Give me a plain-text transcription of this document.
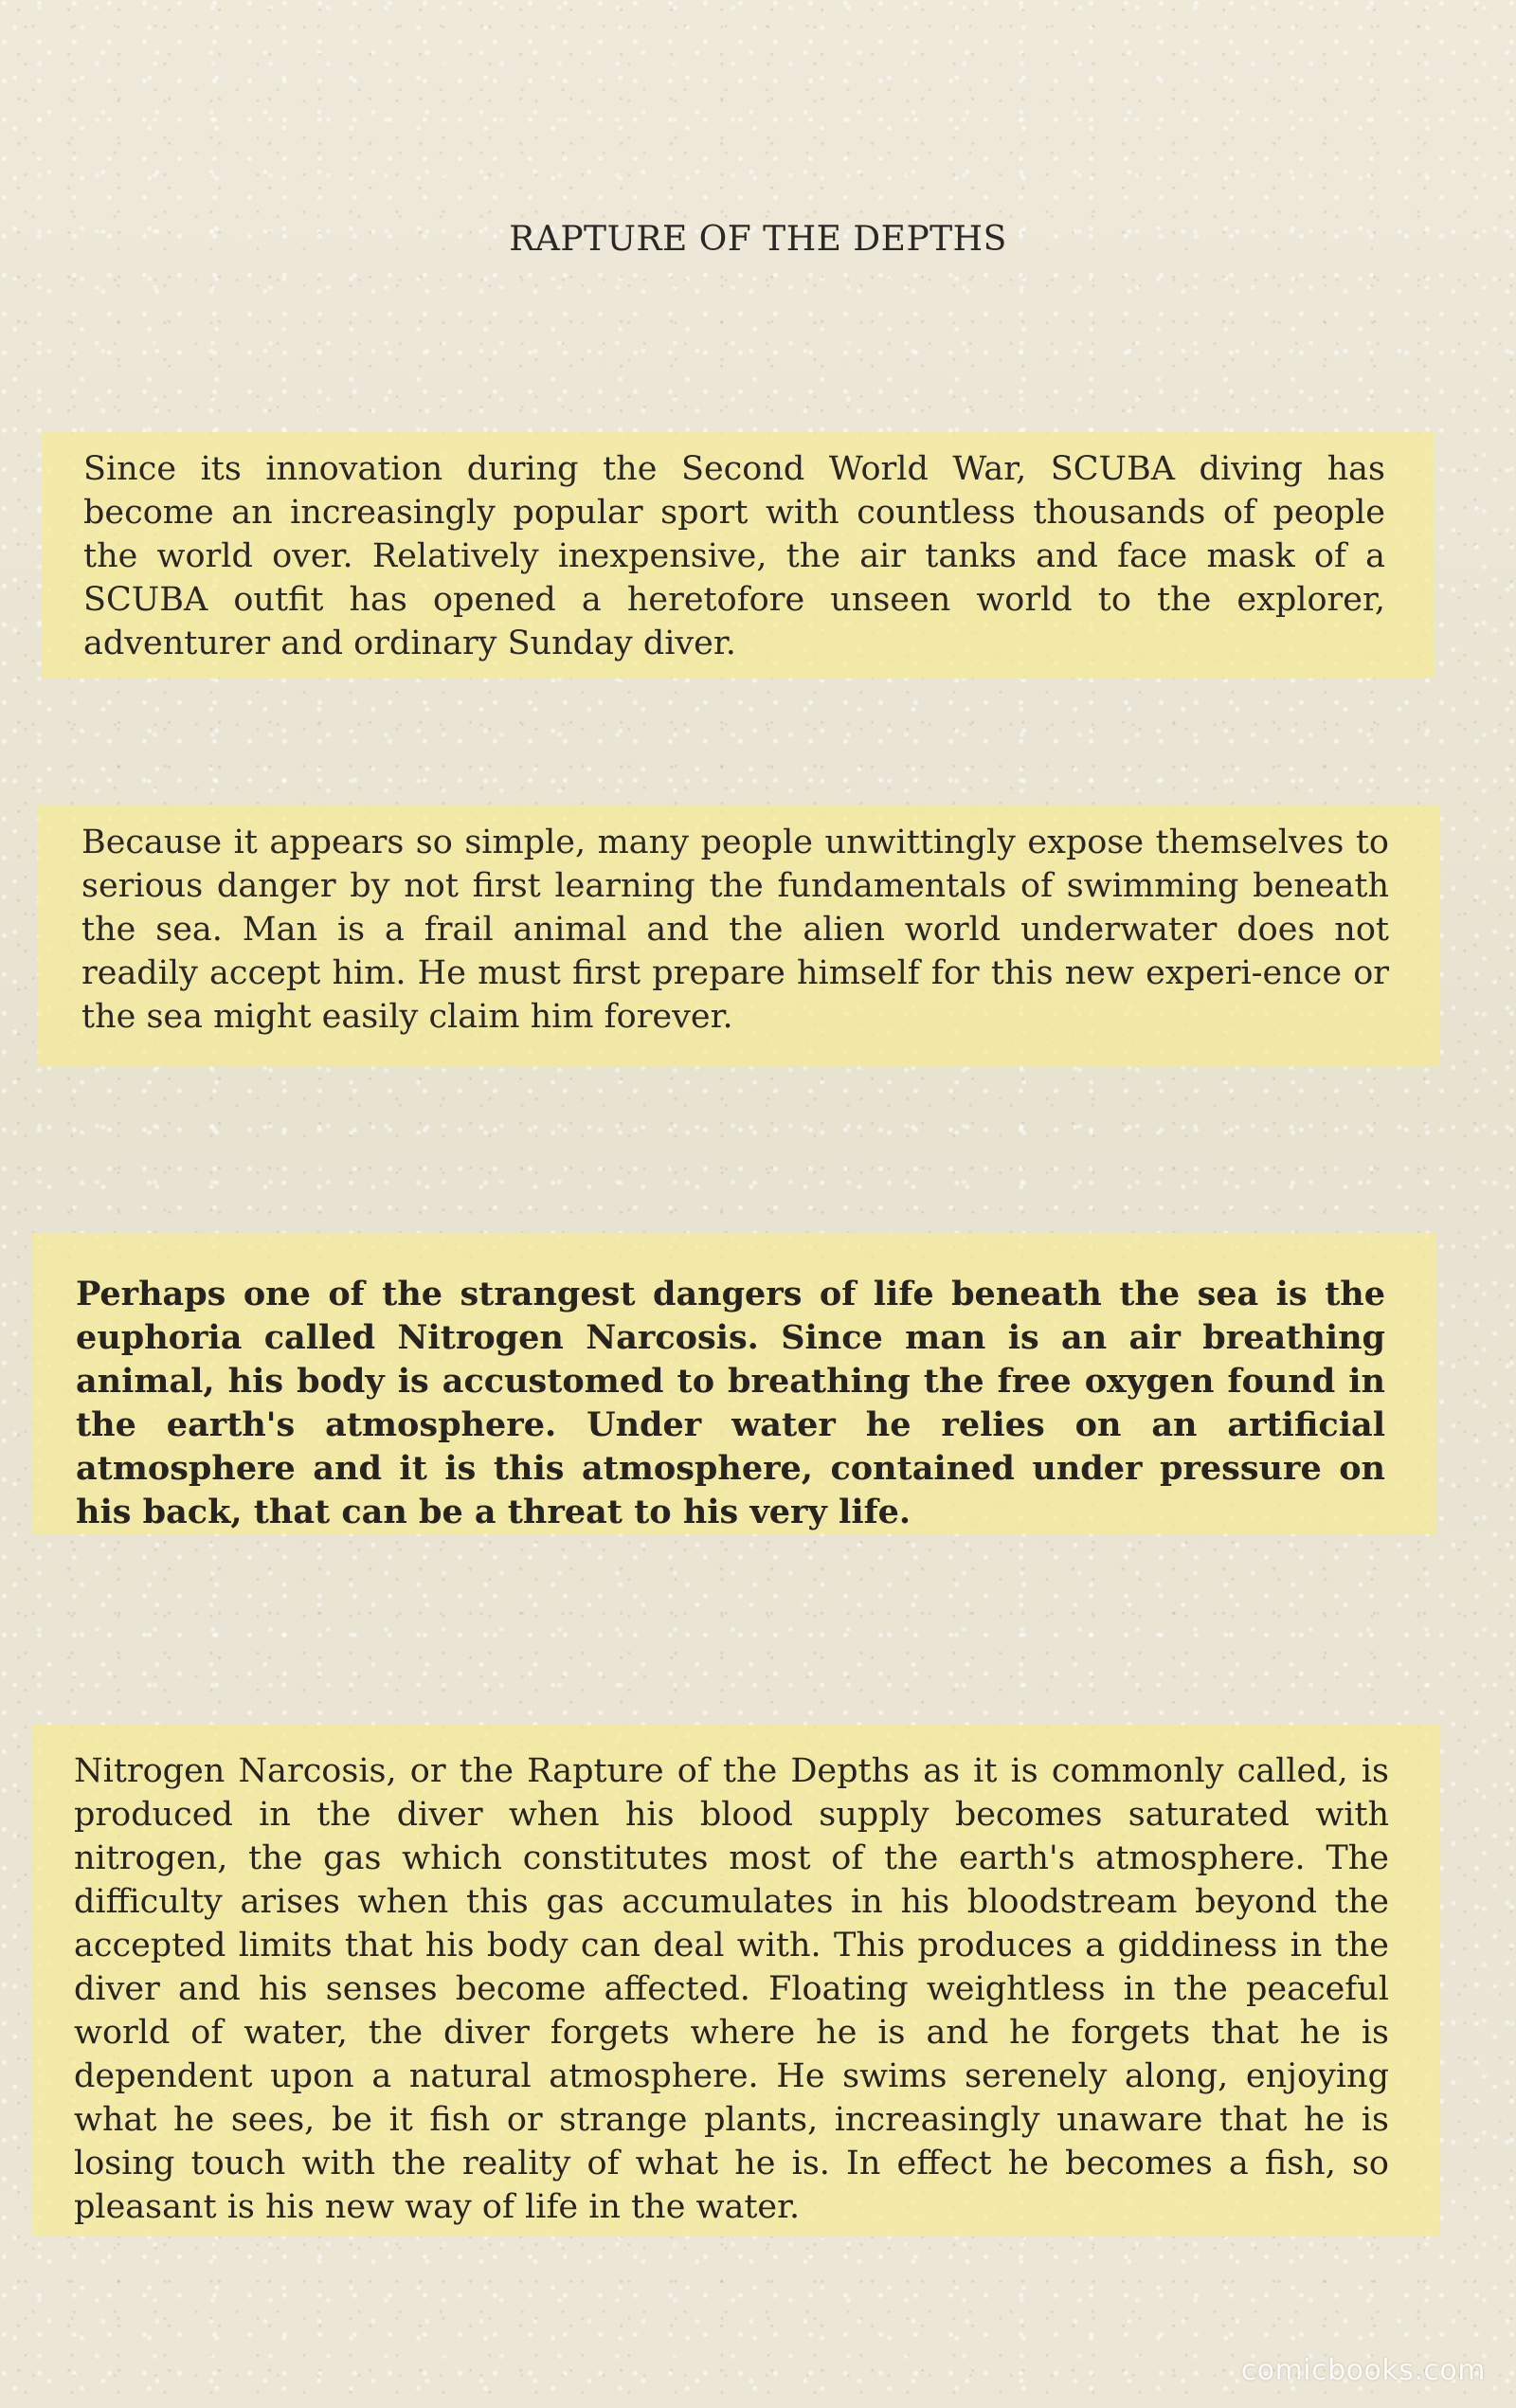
RAPTURE OF THE DEPTHS
Since its innovation during the Second World War, SCUBA diving has become an increasingly popular sport with countless thousands of people the world over. Relatively inexpensive, the air tanks and face mask of a SCUBA outfit has opened a heretofore unseen world to the explorer, adventurer and ordinary Sunday diver.
Because it appears so simple, many people unwittingly expose themselves to serious danger by not first learning the fundamentals of swimming beneath the sea. Man is a frail animal and the alien world underwater does not readily accept him. He must first prepare himself for this new experi-ence or the sea might easily claim him forever.
Perhaps one of the strangest dangers of life beneath the sea is the euphoria called Nitrogen Narcosis. Since man is an air breathing animal, his body is accustomed to breathing the free oxygen found in the earth's atmosphere. Under water he relies on an artificial atmosphere and it is this atmosphere, contained under pressure on his back, that can be a threat to his very life.
Nitrogen Narcosis, or the Rapture of the Depths as it is commonly called, is produced in the diver when his blood supply becomes saturated with nitrogen, the gas which constitutes most of the earth's atmosphere. The difficulty arises when this gas accumulates in his bloodstream beyond the accepted limits that his body can deal with. This produces a giddiness in the diver and his senses become affected. Floating weightless in the peaceful world of water, the diver forgets where he is and he forgets that he is dependent upon a natural atmosphere. He swims serenely along, enjoying what he sees, be it fish or strange plants, increasingly unaware that he is losing touch with the reality of what he is. In effect he becomes a fish, so pleasant is his new way of life in the water.
comicbooks.com
